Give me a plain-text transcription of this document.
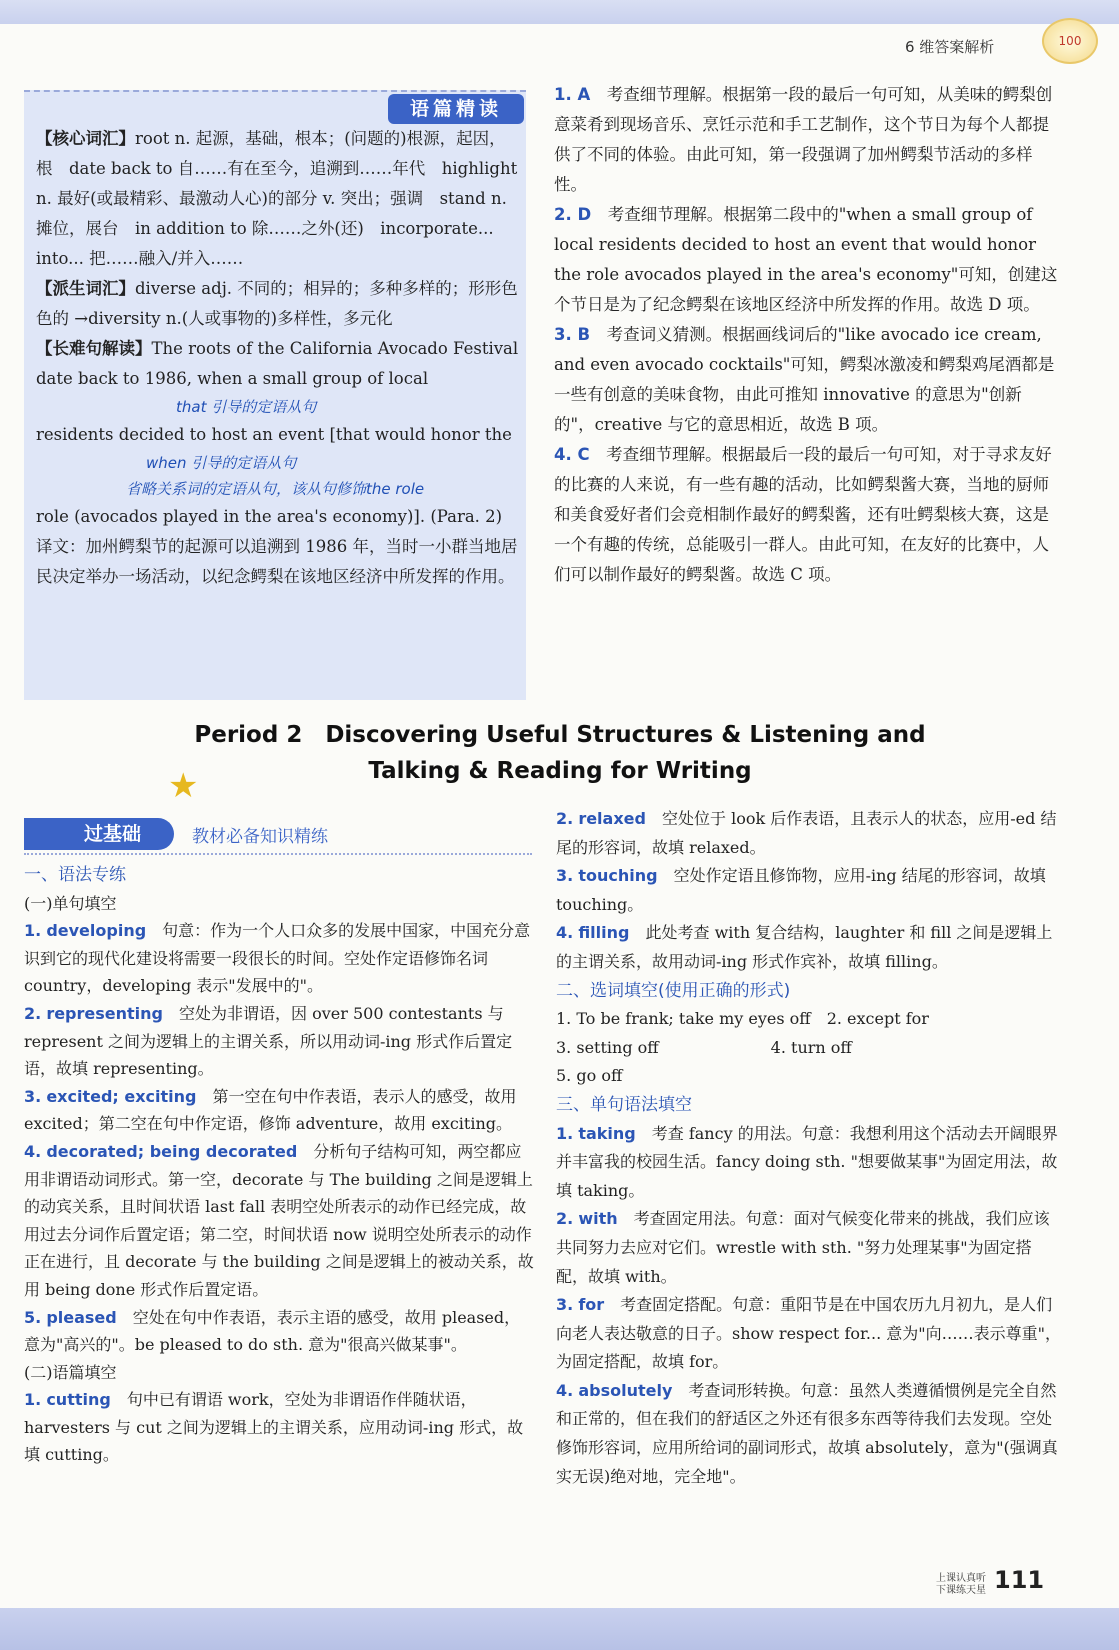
6 维答案解析	100
语篇精读

【核心词汇】root n. 起源，基础，根本；(问题的)根源，起因，根　date back to 自……有在至今，追溯到……年代　highlight n. 最好(或最精彩、最激动人心)的部分 v. 突出；强调　stand n. 摊位，展台　in addition to 除……之外(还)　incorporate... into... 把……融入/并入……

【派生词汇】diverse adj. 不同的；相异的；多种多样的；形形色色的 →diversity n.(人或事物的)多样性，多元化

【长难句解读】The roots of the California Avocado Festival date back to 1986, when a small group of local

that 引导的定语从句

residents decided to host an event [that would honor the

when 引导的定语从句

省略关系词的定语从句，该从句修饰the role

role (avocados played in the area's economy)]. (Para. 2)

译文：加州鳄梨节的起源可以追溯到 1986 年，当时一小群当地居民决定举办一场活动，以纪念鳄梨在该地区经济中所发挥的作用。

1. A　 考查细节理解。根据第一段的最后一句可知，从美味的鳄梨创意菜肴到现场音乐、烹饪示范和手工艺制作，这个节日为每个人都提供了不同的体验。由此可知，第一段强调了加州鳄梨节活动的多样性。

2. D　 考查细节理解。根据第二段中的"when a small group of local residents decided to host an event that would honor the role avocados played in the area's economy"可知，创建这个节日是为了纪念鳄梨在该地区经济中所发挥的作用。故选 D 项。

3. B　 考查词义猜测。根据画线词后的"like avocado ice cream, and even avocado cocktails"可知，鳄梨冰激凌和鳄梨鸡尾酒都是一些有创意的美味食物，由此可推知 innovative 的意思为"创新的"，creative 与它的意思相近，故选 B 项。

4. C　 考查细节理解。根据最后一段的最后一句可知，对于寻求友好的比赛的人来说，有一些有趣的活动，比如鳄梨酱大赛，当地的厨师和美食爱好者们会竞相制作最好的鳄梨酱，还有吐鳄梨核大赛，这是一个有趣的传统，总能吸引一群人。由此可知，在友好的比赛中，人们可以制作最好的鳄梨酱。故选 C 项。

Period 2　Discovering Useful Structures & Listening and
Talking & Reading for Writing
★
过基础	教材必备知识精练

一、语法专练

(一)单句填空

1. developing　 句意：作为一个人口众多的发展中国家，中国充分意识到它的现代化建设将需要一段很长的时间。空处作定语修饰名词 country，developing 表示"发展中的"。

2. representing　 空处为非谓语，因 over 500 contestants 与 represent 之间为逻辑上的主谓关系，所以用动词-ing 形式作后置定语，故填 representing。

3. excited; exciting　 第一空在句中作表语，表示人的感受，故用 excited；第二空在句中作定语，修饰 adventure，故用 exciting。

4. decorated; being decorated　 分析句子结构可知，两空都应用非谓语动词形式。第一空，decorate 与 The building 之间是逻辑上的动宾关系，且时间状语 last fall 表明空处所表示的动作已经完成，故用过去分词作后置定语；第二空，时间状语 now 说明空处所表示的动作正在进行，且 decorate 与 the building 之间是逻辑上的被动关系，故用 being done 形式作后置定语。

5. pleased　 空处在句中作表语，表示主语的感受，故用 pleased，意为"高兴的"。be pleased to do sth. 意为"很高兴做某事"。

(二)语篇填空

1. cutting　 句中已有谓语 work，空处为非谓语作伴随状语，harvesters 与 cut 之间为逻辑上的主谓关系，应用动词-ing 形式，故填 cutting。

2. relaxed　 空处位于 look 后作表语，且表示人的状态，应用-ed 结尾的形容词，故填 relaxed。

3. touching　 空处作定语且修饰物，应用-ing 结尾的形容词，故填 touching。

4. filling　 此处考查 with 复合结构，laughter 和 fill 之间是逻辑上的主谓关系，故用动词-ing 形式作宾补，故填 filling。

二、选词填空(使用正确的形式)

1. To be frank; take my eyes off　 2. except for

3. setting off　　　　　　　	4. turn off

5. go off

三、单句语法填空

1. taking　 考查 fancy 的用法。句意：我想利用这个活动去开阔眼界并丰富我的校园生活。fancy doing sth. "想要做某事"为固定用法，故填 taking。

2. with　 考查固定用法。句意：面对气候变化带来的挑战，我们应该共同努力去应对它们。wrestle with sth. "努力处理某事"为固定搭配，故填 with。

3. for　 考查固定搭配。句意：重阳节是在中国农历九月初九，是人们向老人表达敬意的日子。show respect for... 意为"向……表示尊重"，为固定搭配，故填 for。

4. absolutely　 考查词形转换。句意：虽然人类遵循惯例是完全自然和正常的，但在我们的舒适区之外还有很多东西等待我们去发现。空处修饰形容词，应用所给词的副词形式，故填 absolutely，意为"(强调真实无误)绝对地，完全地"。

上课认真听 下课练天星 111
